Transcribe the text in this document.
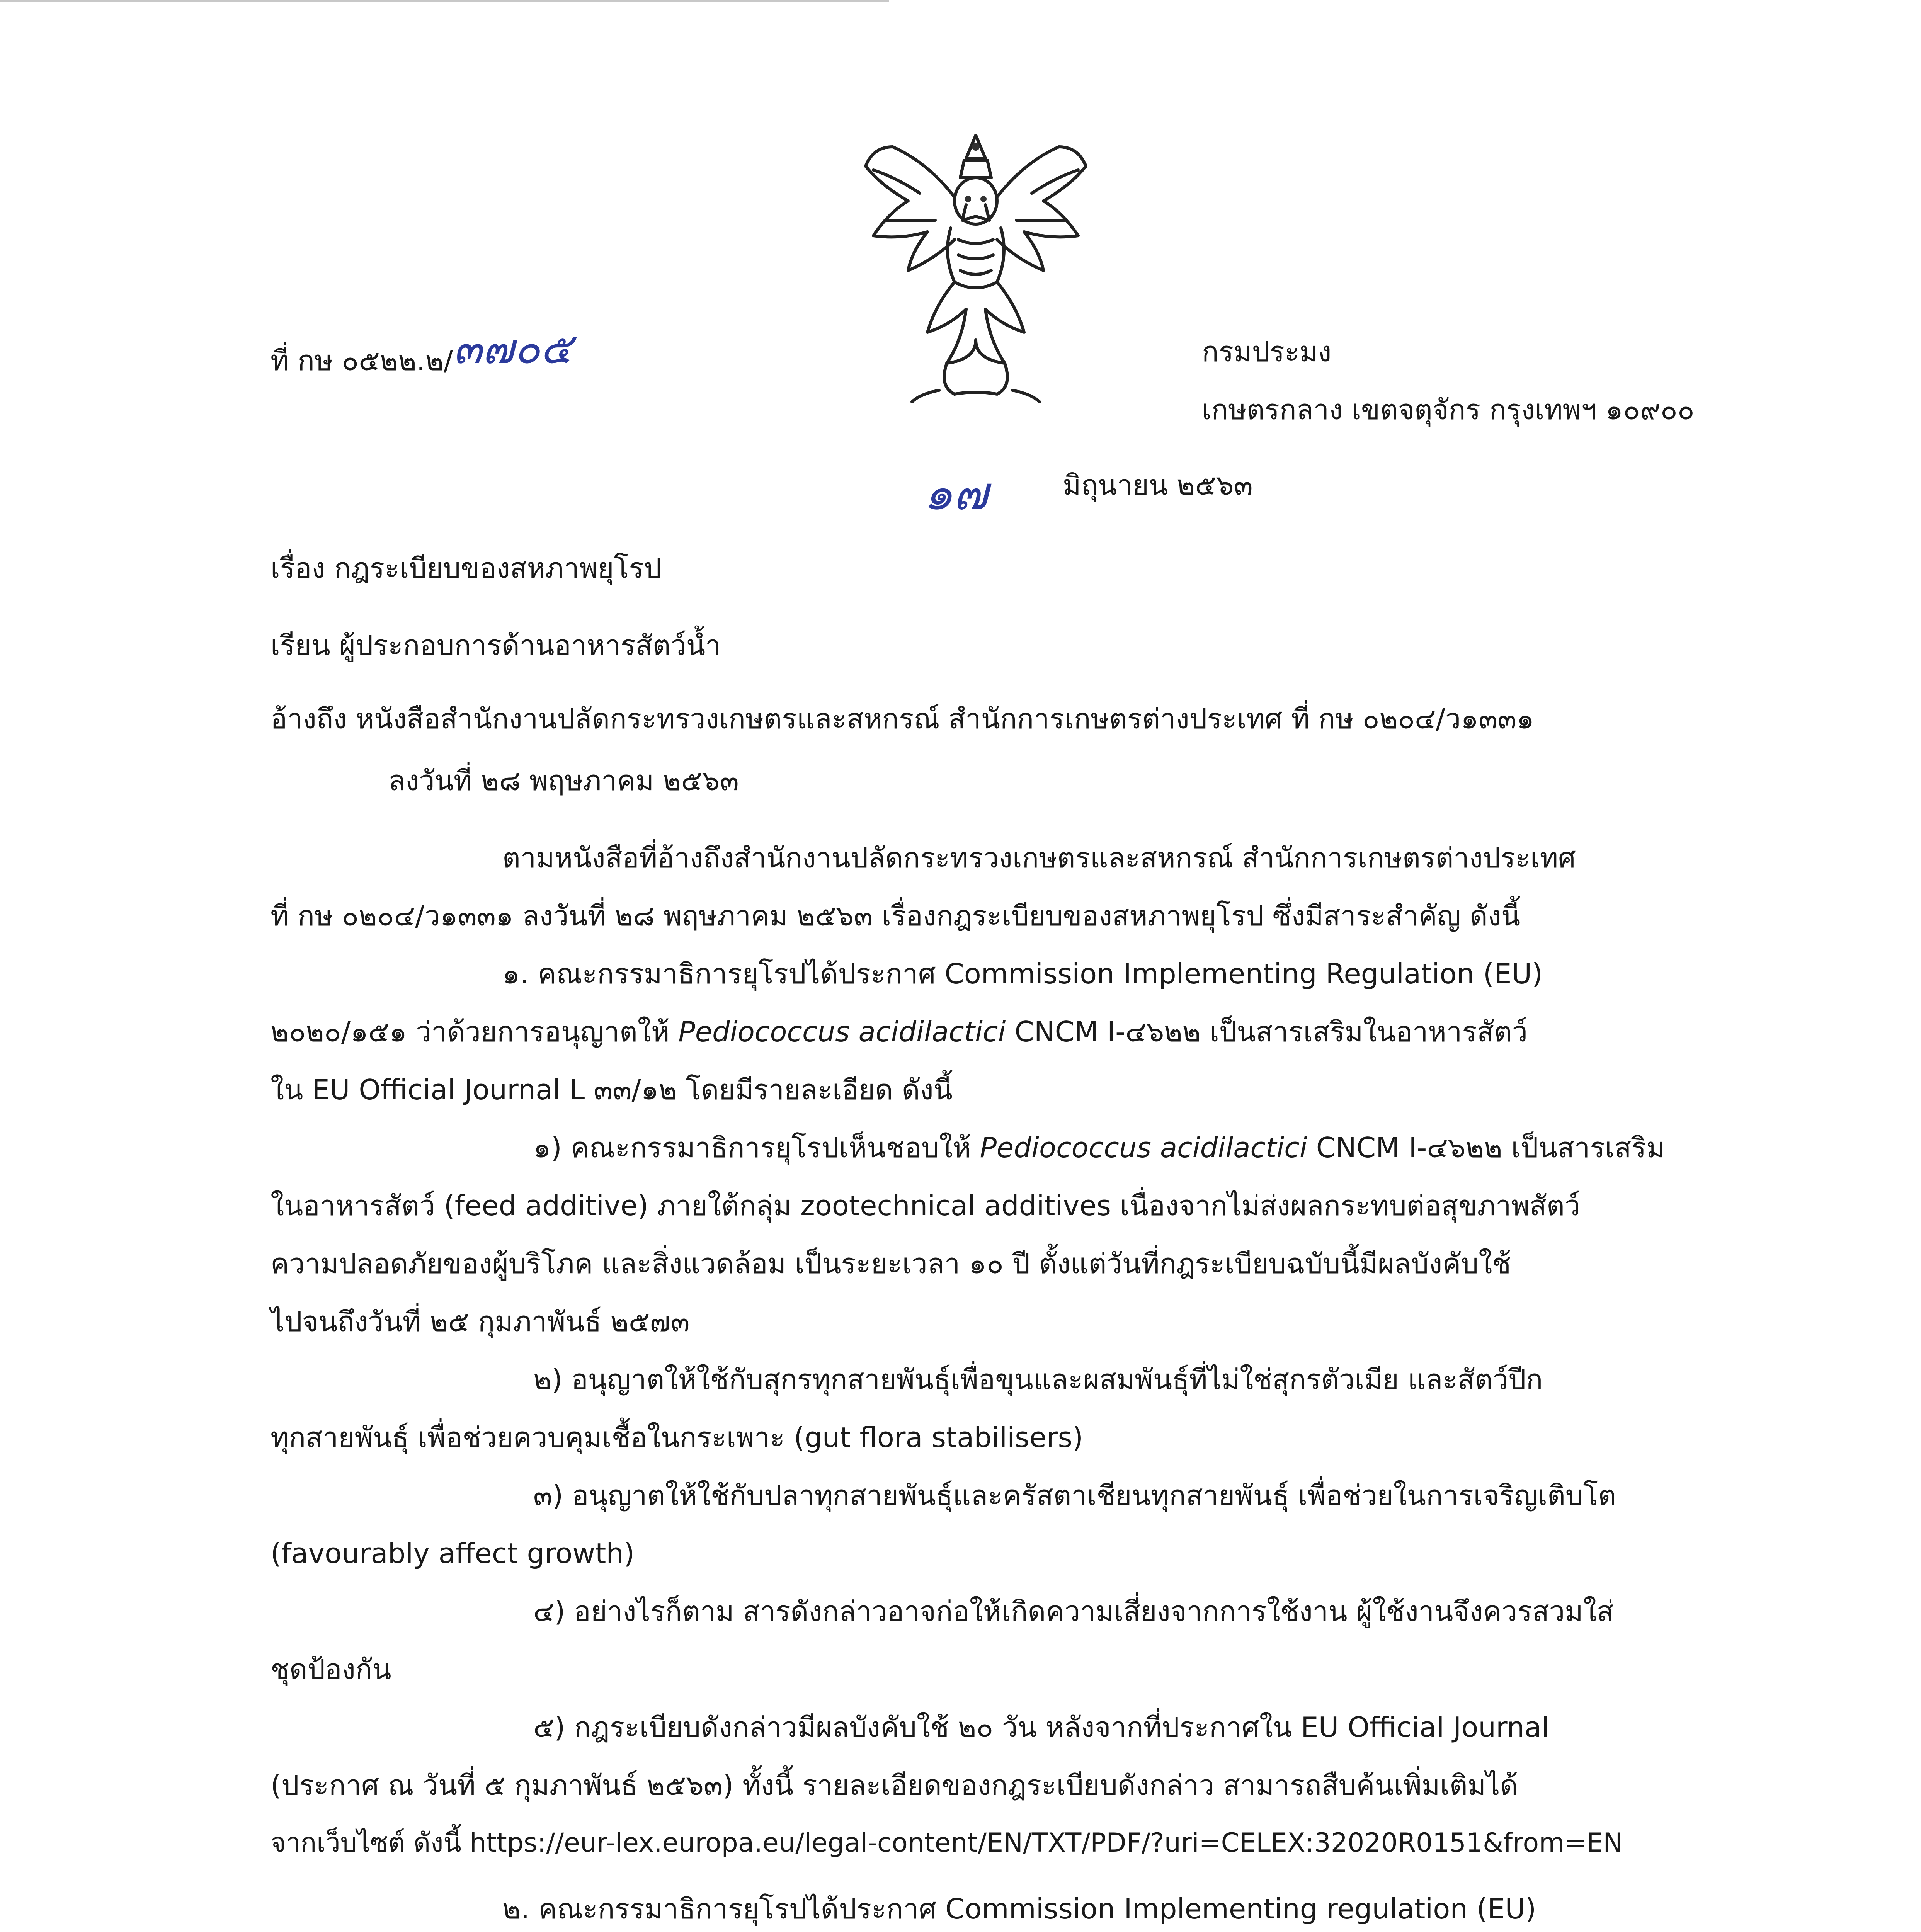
ที่ กษ ๐๕๒๒.๒/๓๗๐๕	กรมประมง
เกษตรกลาง เขตจตุจักร กรุงเทพฯ ๑๐๙๐๐
๑๗	มิถุนายน ๒๕๖๓
เรื่อง กฎระเบียบของสหภาพยุโรป
เรียน ผู้ประกอบการด้านอาหารสัตว์น้ำ
อ้างถึง หนังสือสำนักงานปลัดกระทรวงเกษตรและสหกรณ์ สำนักการเกษตรต่างประเทศ ที่ กษ ๐๒๐๔/ว๑๓๓๑
ลงวันที่ ๒๘ พฤษภาคม ๒๕๖๓
ตามหนังสือที่อ้างถึงสำนักงานปลัดกระทรวงเกษตรและสหกรณ์ สำนักการเกษตรต่างประเทศ
ที่ กษ ๐๒๐๔/ว๑๓๓๑ ลงวันที่ ๒๘ พฤษภาคม ๒๕๖๓ เรื่องกฎระเบียบของสหภาพยุโรป ซึ่งมีสาระสำคัญ ดังนี้
๑. คณะกรรมาธิการยุโรปได้ประกาศ Commission Implementing Regulation (EU)
๒๐๒๐/๑๕๑ ว่าด้วยการอนุญาตให้ Pediococcus acidilactici CNCM I-๔๖๒๒ เป็นสารเสริมในอาหารสัตว์
ใน EU Official Journal L ๓๓/๑๒ โดยมีรายละเอียด ดังนี้
๑) คณะกรรมาธิการยุโรปเห็นชอบให้ Pediococcus acidilactici CNCM I-๔๖๒๒ เป็นสารเสริม
ในอาหารสัตว์ (feed additive) ภายใต้กลุ่ม zootechnical additives เนื่องจากไม่ส่งผลกระทบต่อสุขภาพสัตว์
ความปลอดภัยของผู้บริโภค และสิ่งแวดล้อม เป็นระยะเวลา ๑๐ ปี ตั้งแต่วันที่กฎระเบียบฉบับนี้มีผลบังคับใช้
ไปจนถึงวันที่ ๒๕ กุมภาพันธ์ ๒๕๗๓
๒) อนุญาตให้ใช้กับสุกรทุกสายพันธุ์เพื่อขุนและผสมพันธุ์ที่ไม่ใช่สุกรตัวเมีย และสัตว์ปีก
ทุกสายพันธุ์ เพื่อช่วยควบคุมเชื้อในกระเพาะ (gut flora stabilisers)
๓) อนุญาตให้ใช้กับปลาทุกสายพันธุ์และครัสตาเชียนทุกสายพันธุ์ เพื่อช่วยในการเจริญเติบโต
(favourably affect growth)
๔) อย่างไรก็ตาม สารดังกล่าวอาจก่อให้เกิดความเสี่ยงจากการใช้งาน ผู้ใช้งานจึงควรสวมใส่
ชุดป้องกัน
๕) กฎระเบียบดังกล่าวมีผลบังคับใช้ ๒๐ วัน หลังจากที่ประกาศใน EU Official Journal
(ประกาศ ณ วันที่ ๕ กุมภาพันธ์ ๒๕๖๓) ทั้งนี้ รายละเอียดของกฎระเบียบดังกล่าว สามารถสืบค้นเพิ่มเติมได้
จากเว็บไซต์ ดังนี้ https://eur-lex.europa.eu/legal-content/EN/TXT/PDF/?uri=CELEX:32020R0151&from=EN
๒. คณะกรรมาธิการยุโรปได้ประกาศ Commission Implementing regulation (EU)
